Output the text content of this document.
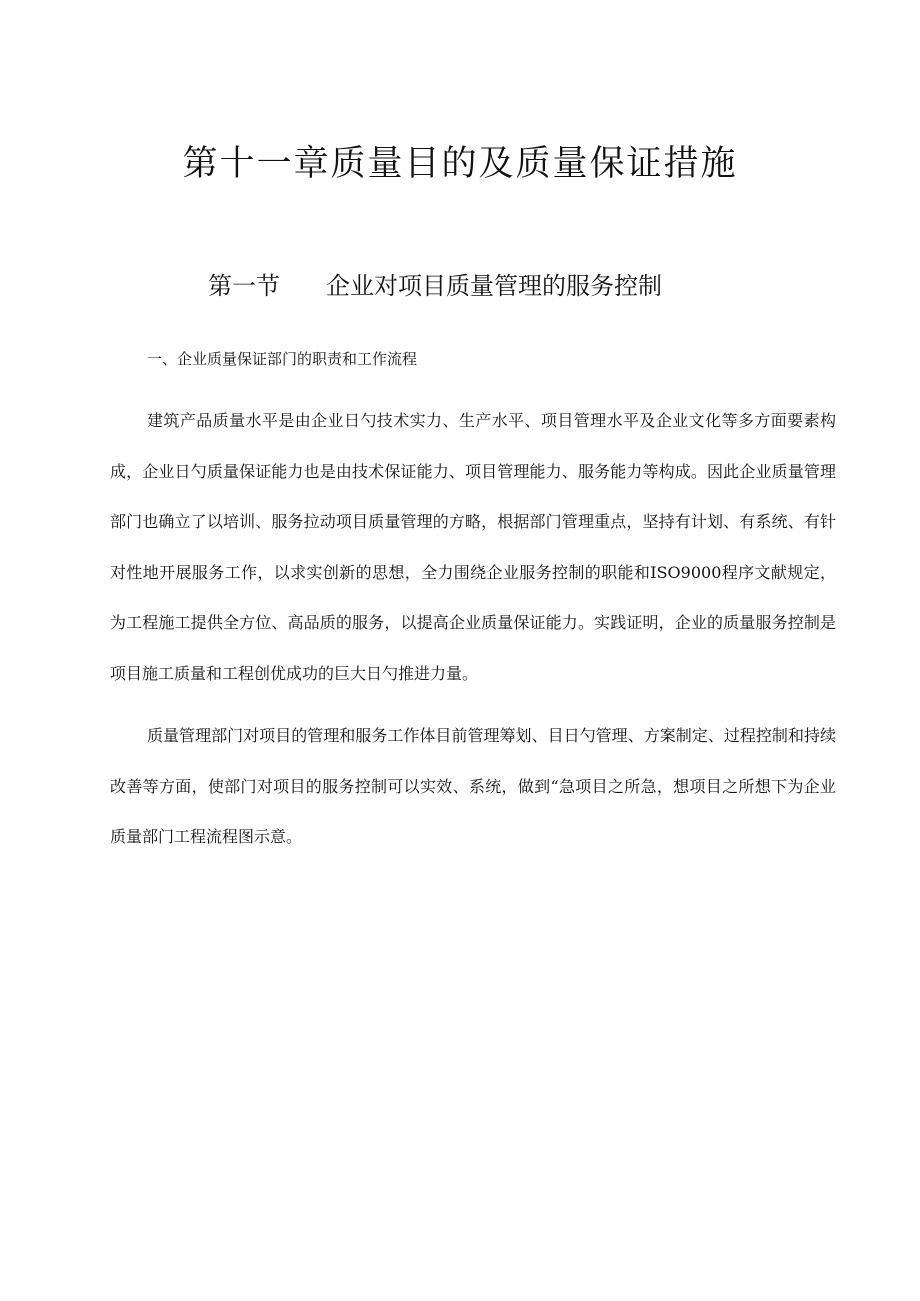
第十一章质量目的及质量保证措施
第一节 企业对项目质量管理的服务控制
一、企业质量保证部门的职责和工作流程

建筑产品质量水平是由企业日勺技术实力、生产水平、项目管理水平及企业文化等多方面要素构成，企业日勺质量保证能力也是由技术保证能力、项目管理能力、服务能力等构成。因此企业质量管理部门也确立了以培训、服务拉动项目质量管理的方略，根据部门管理重点，坚持有计划、有系统、有针对性地开展服务工作，以求实创新的思想，全力围绕企业服务控制的职能和ISO9000程序文献规定，为工程施工提供全方位、高品质的服务，以提高企业质量保证能力。实践证明，企业的质量服务控制是项目施工质量和工程创优成功的巨大日勺推进力量。

质量管理部门对项目的管理和服务工作体目前管理筹划、目日勺管理、方案制定、过程控制和持续改善等方面，使部门对项目的服务控制可以实效、系统，做到“急项目之所急，想项目之所想下为企业质量部门工程流程图示意。
